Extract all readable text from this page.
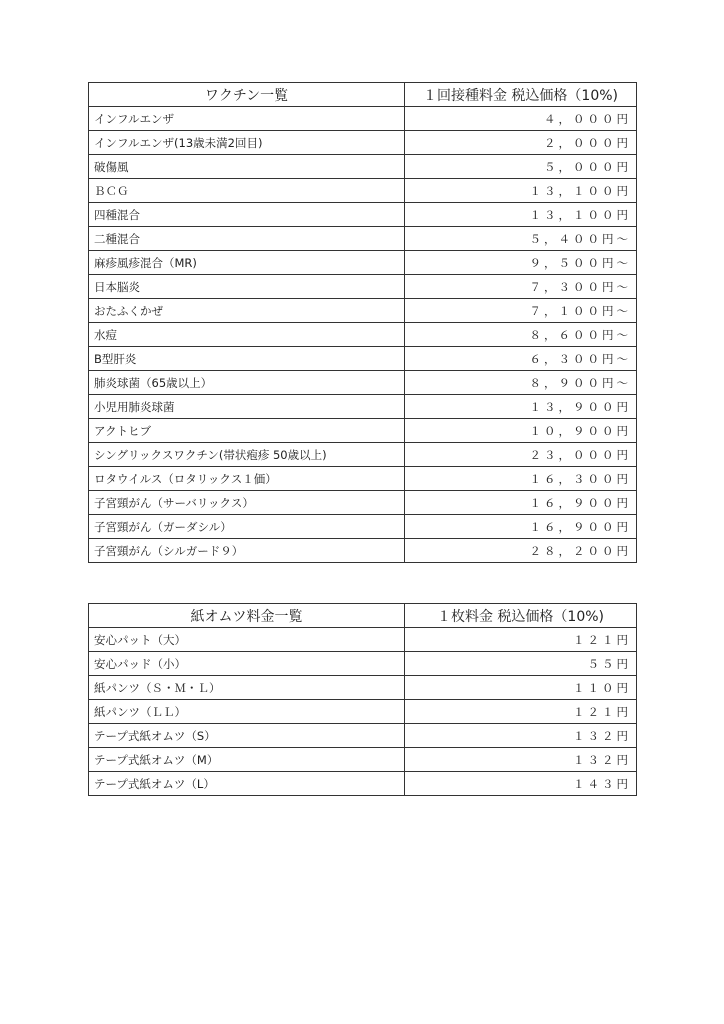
ワクチン一覧	１回接種料金 税込価格（10%)
インフルエンザ	４，０００円
インフルエンザ(13歳未満2回目)	２，０００円
破傷風	５，０００円
ＢＣＧ	１３，１００円
四種混合	１３，１００円
二種混合	５，４００円～
麻疹風疹混合（MR)	９，５００円～
日本脳炎	７，３００円～
おたふくかぜ	７，１００円～
水痘	８，６００円～
B型肝炎	６，３００円～
肺炎球菌（65歳以上）	８，９００円～
小児用肺炎球菌	１３，９００円
アクトヒブ	１０，９００円
シングリックスワクチン(帯状疱疹 50歳以上)	２３，０００円
ロタウイルス（ロタリックス１価）	１６，３００円
子宮頸がん（サーバリックス）	１６，９００円
子宮頸がん（ガーダシル）	１６，９００円
子宮頸がん（シルガード９）	２８，２００円
紙オムツ料金一覧	１枚料金 税込価格（10%)
安心パット（大）	１２１円
安心パッド（小）	５５円
紙パンツ（Ｓ・Ｍ・Ｌ）	１１０円
紙パンツ（ＬＬ）	１２１円
テープ式紙オムツ（S）	１３２円
テープ式紙オムツ（M）	１３２円
テープ式紙オムツ（L）	１４３円
